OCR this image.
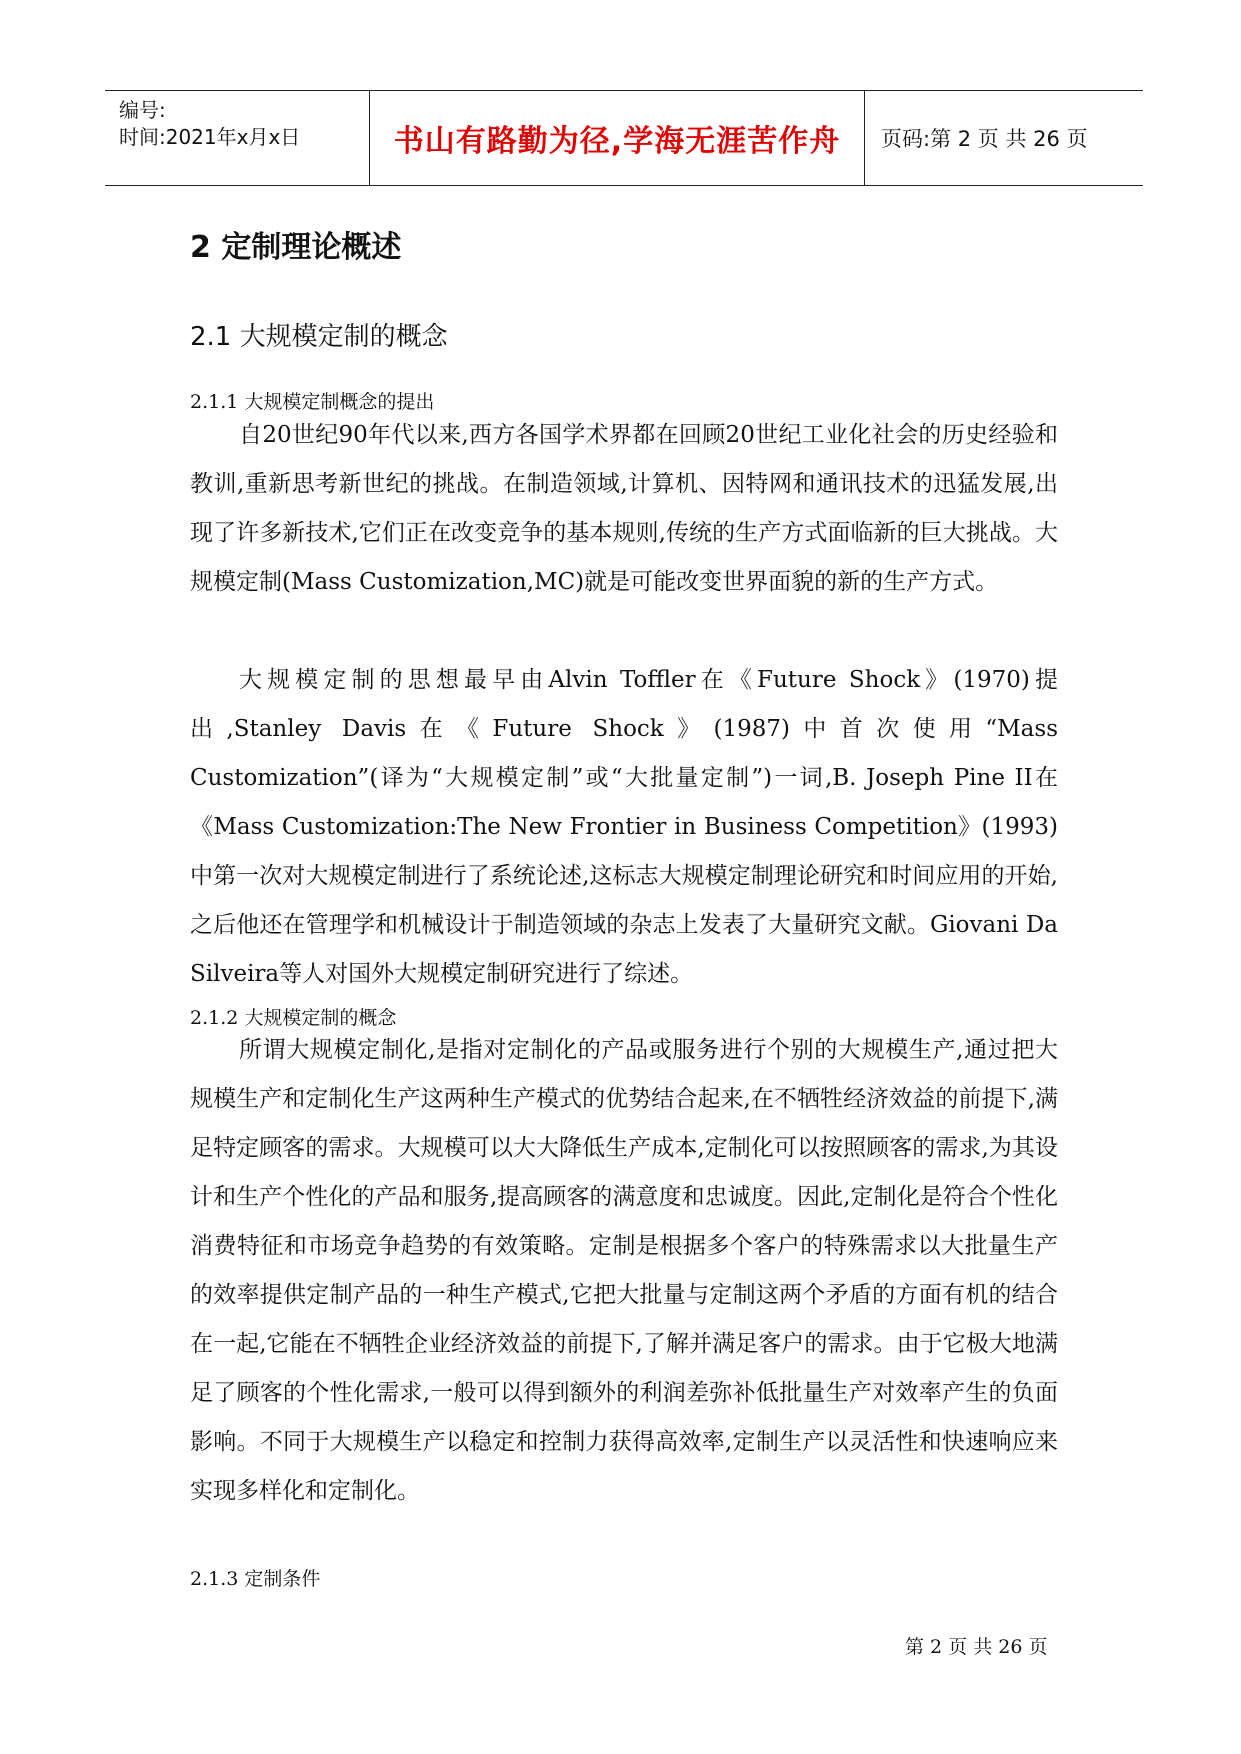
编号:
时间:2021年x月x日	书山有路勤为径,学海无涯苦作舟 页码:第 2 页 共 26 页
2 定制理论概述
2.1 大规模定制的概念
2.1.1 大规模定制概念的提出

自20世纪90年代以来,西方各国学术界都在回顾20世纪工业化社会的历史经验和教训,重新思考新世纪的挑战。在制造领域,计算机、因特网和通讯技术的迅猛发展,出现了许多新技术,它们正在改变竞争的基本规则,传统的生产方式面临新的巨大挑战。大规模定制(Mass Customization,MC)就是可能改变世界面貌的新的生产方式。

大规模定制的思想最早由Alvin Toffler在《Future Shock》(1970)提出,Stanley Davis在《Future Shock》(1987)中首次使用“Mass Customization”(译为“大规模定制”或“大批量定制”)一词,B. Joseph Pine II在《Mass Customization:The New Frontier in Business Competition》(1993)中第一次对大规模定制进行了系统论述,这标志大规模定制理论研究和时间应用的开始,之后他还在管理学和机械设计于制造领域的杂志上发表了大量研究文献。Giovani Da Silveira等人对国外大规模定制研究进行了综述。

2.1.2 大规模定制的概念

所谓大规模定制化,是指对定制化的产品或服务进行个别的大规模生产,通过把大规模生产和定制化生产这两种生产模式的优势结合起来,在不牺牲经济效益的前提下,满足特定顾客的需求。大规模可以大大降低生产成本,定制化可以按照顾客的需求,为其设计和生产个性化的产品和服务,提高顾客的满意度和忠诚度。因此,定制化是符合个性化消费特征和市场竞争趋势的有效策略。定制是根据多个客户的特殊需求以大批量生产的效率提供定制产品的一种生产模式,它把大批量与定制这两个矛盾的方面有机的结合在一起,它能在不牺牲企业经济效益的前提下,了解并满足客户的需求。由于它极大地满足了顾客的个性化需求,一般可以得到额外的利润差弥补低批量生产对效率产生的负面影响。不同于大规模生产以稳定和控制力获得高效率,定制生产以灵活性和快速响应来实现多样化和定制化。

2.1.3 定制条件
第 2 页 共 26 页
